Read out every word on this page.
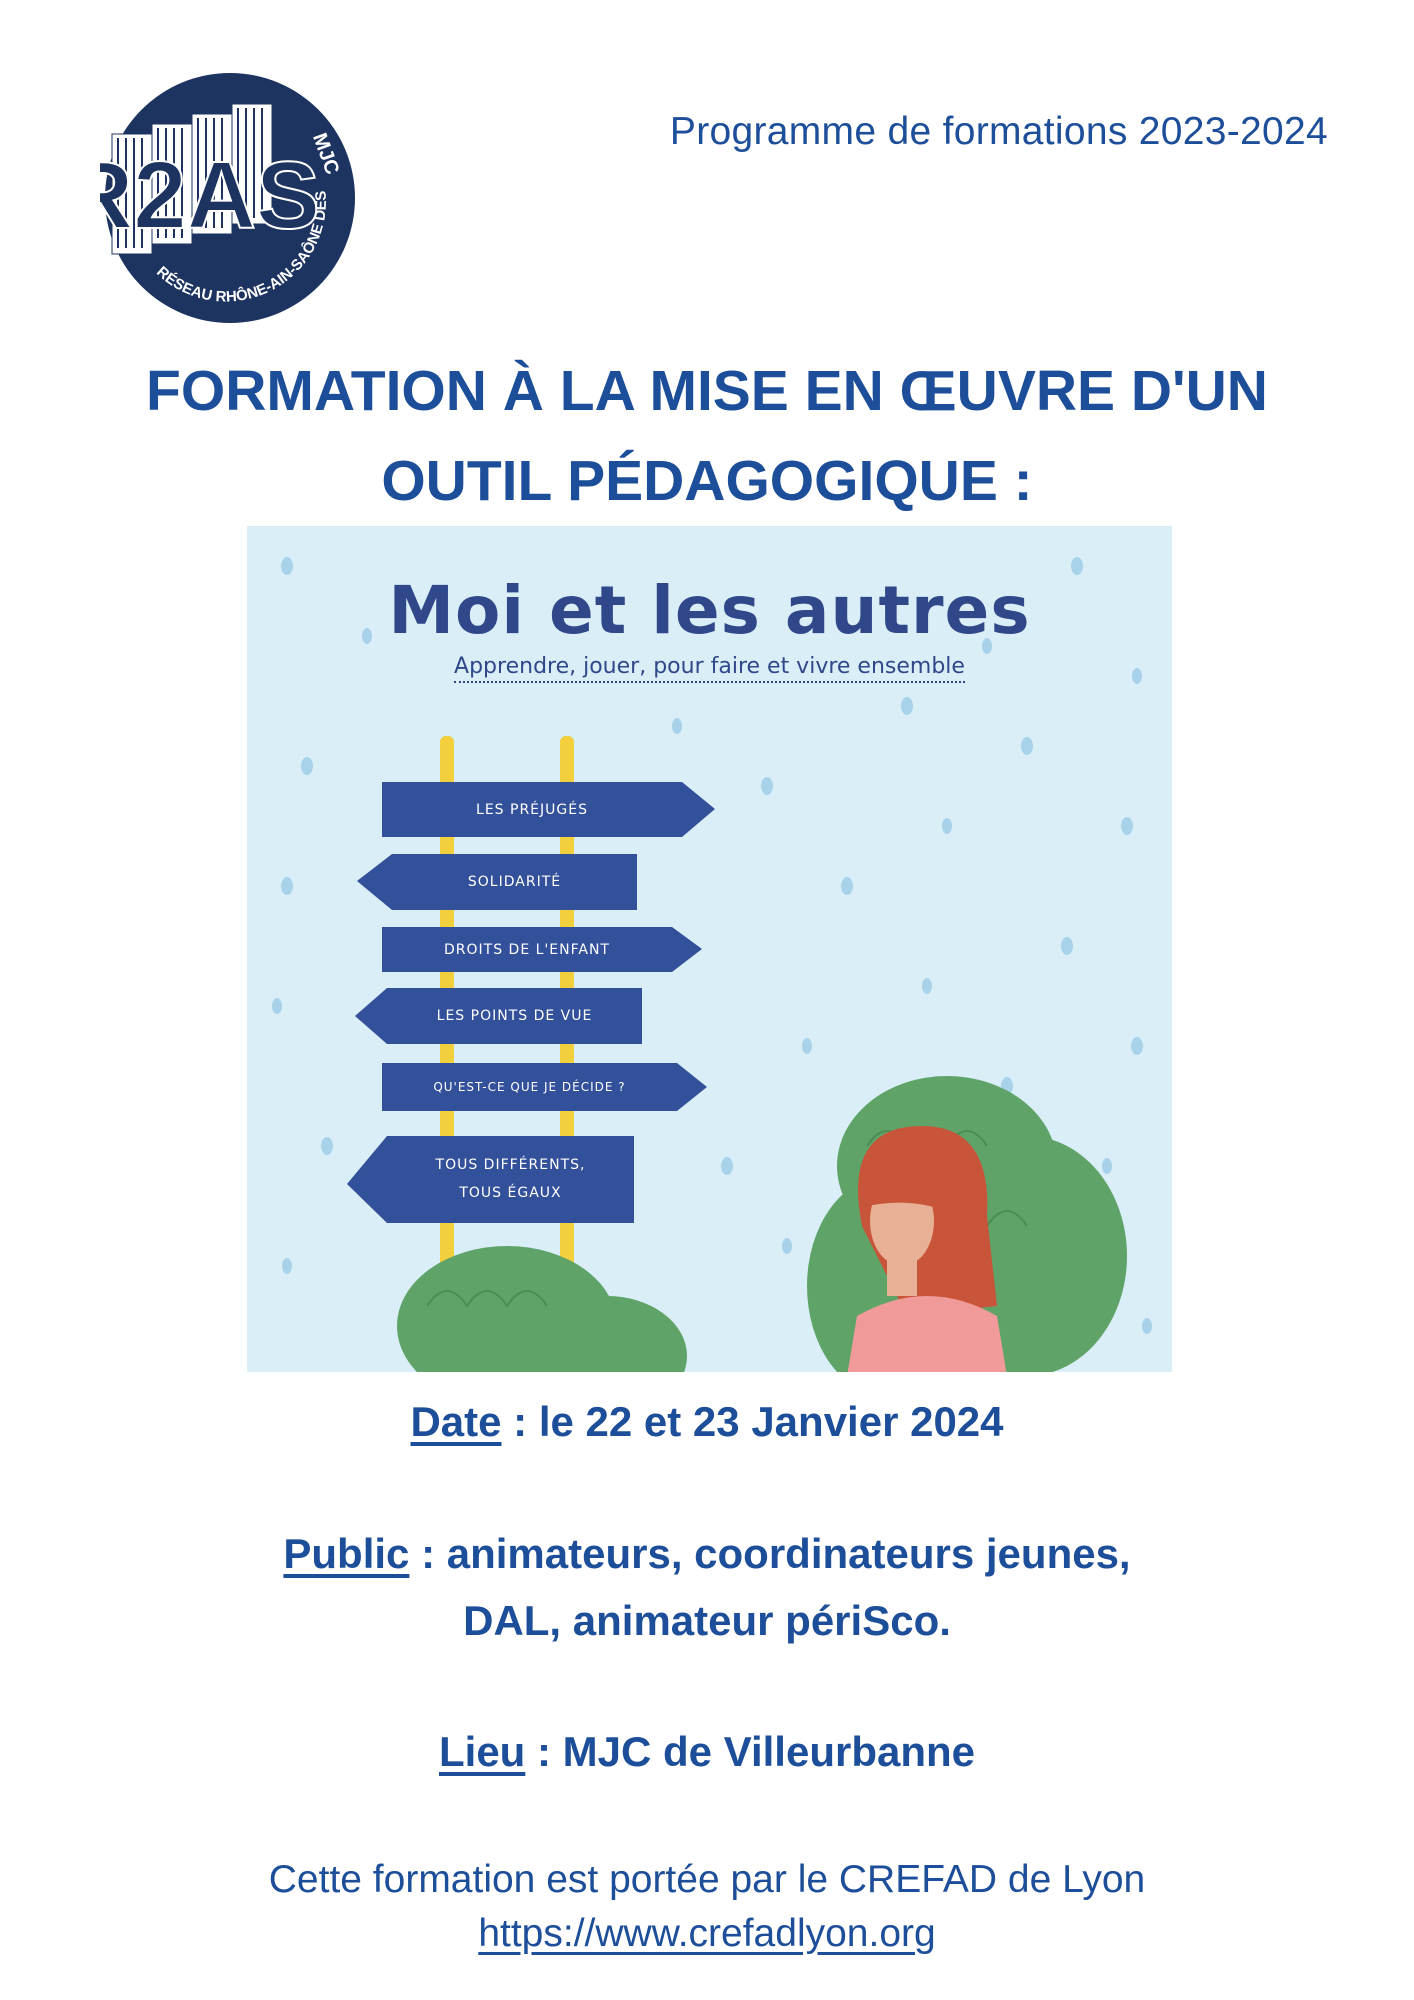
2AS
MJC
RÉSEAU RHÔNE-AIN-SAÔNE DES
Programme de formations 2023-2024
FORMATION À LA MISE EN ŒUVRE D'UN
OUTIL PÉDAGOGIQUE :
Moi et les autres
Apprendre, jouer, pour faire et vivre ensemble
LES PRÉJUGÉS
SOLIDARITÉ
DROITS DE L'ENFANT
LES POINTS DE VUE
QU'EST-CE QUE JE DÉCIDE ?
TOUS DIFFÉRENTS,
TOUS ÉGAUX
Date : le 22 et 23 Janvier 2024
Public : animateurs, coordinateurs jeunes,
DAL, animateur périSco.
Lieu : MJC de Villeurbanne
Cette formation est portée par le CREFAD de Lyon
https://www.crefadlyon.org
